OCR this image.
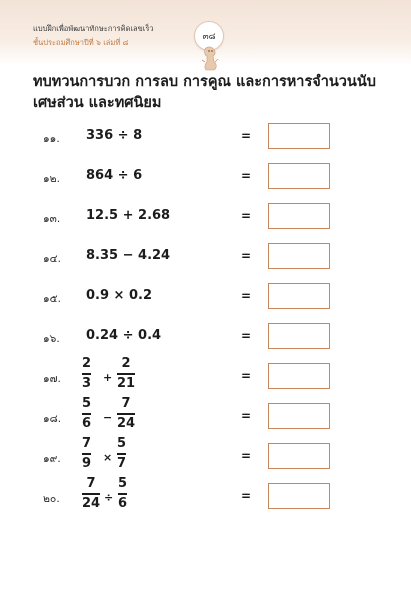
แบบฝึกเพื่อพัฒนาทักษะการคิดเลขเร็ว
ชั้นประถมศึกษาปีที่ ๖ เล่มที่ ๘
๓๘
ทบทวนการบวก การลบ การคูณ และการหารจำนวนนับ เศษส่วน และทศนิยม
๑๑. 336 ÷ 8	=
๑๒. 864 ÷ 6	=
๑๓. 12.5 + 2.68	=
๑๔. 8.35 − 4.24	=
๑๕. 0.9 × 0.2	=
๑๖. 0.24 ÷ 0.4	=
๑๗.
2
3 +
2
21	=
๑๘.
5
6 −
7
24	=
๑๙.
7
9 ×
5
7	=
๒๐.
7
24 ÷
5
6	=
